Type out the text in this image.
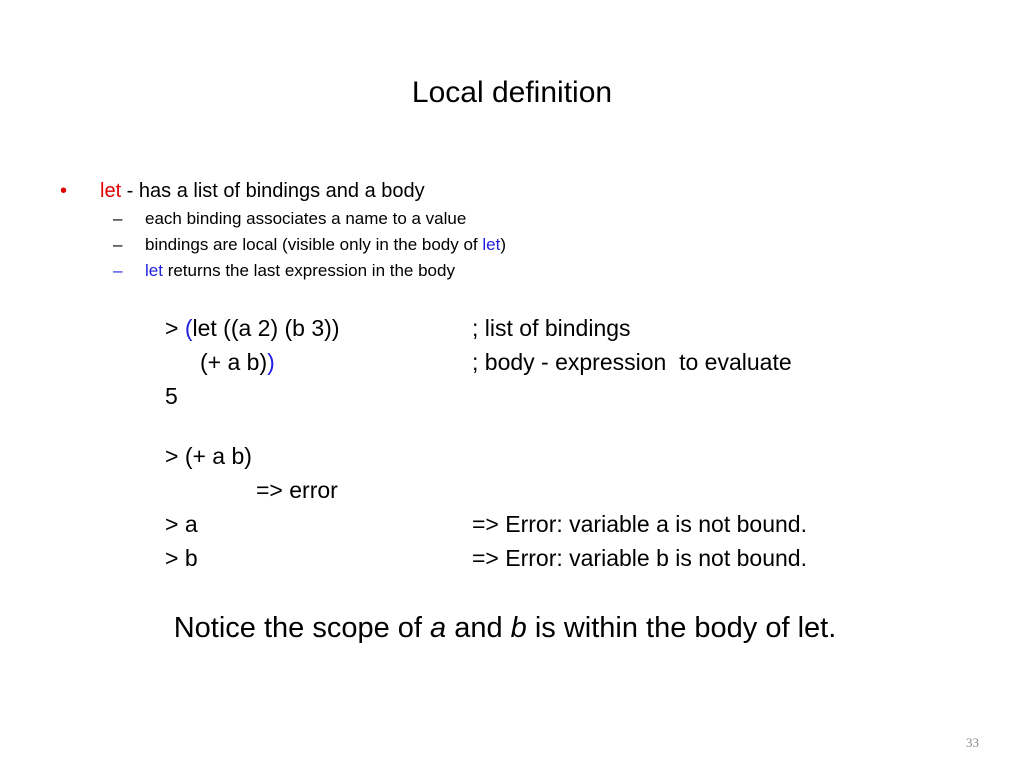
Local definition
• let - has a list of bindings and a body
– each binding associates a name to a value
– bindings are local (visible only in the body of let)
– let returns the last expression in the body
> (let ((a 2) (b 3))	; list of bindings
(+ a b))	; body - expression  to evaluate
5
> (+ a b)
=> error
> a	=> Error: variable a is not bound.
> b	=> Error: variable b is not bound.
Notice the scope of a and b is within the body of let.
33
